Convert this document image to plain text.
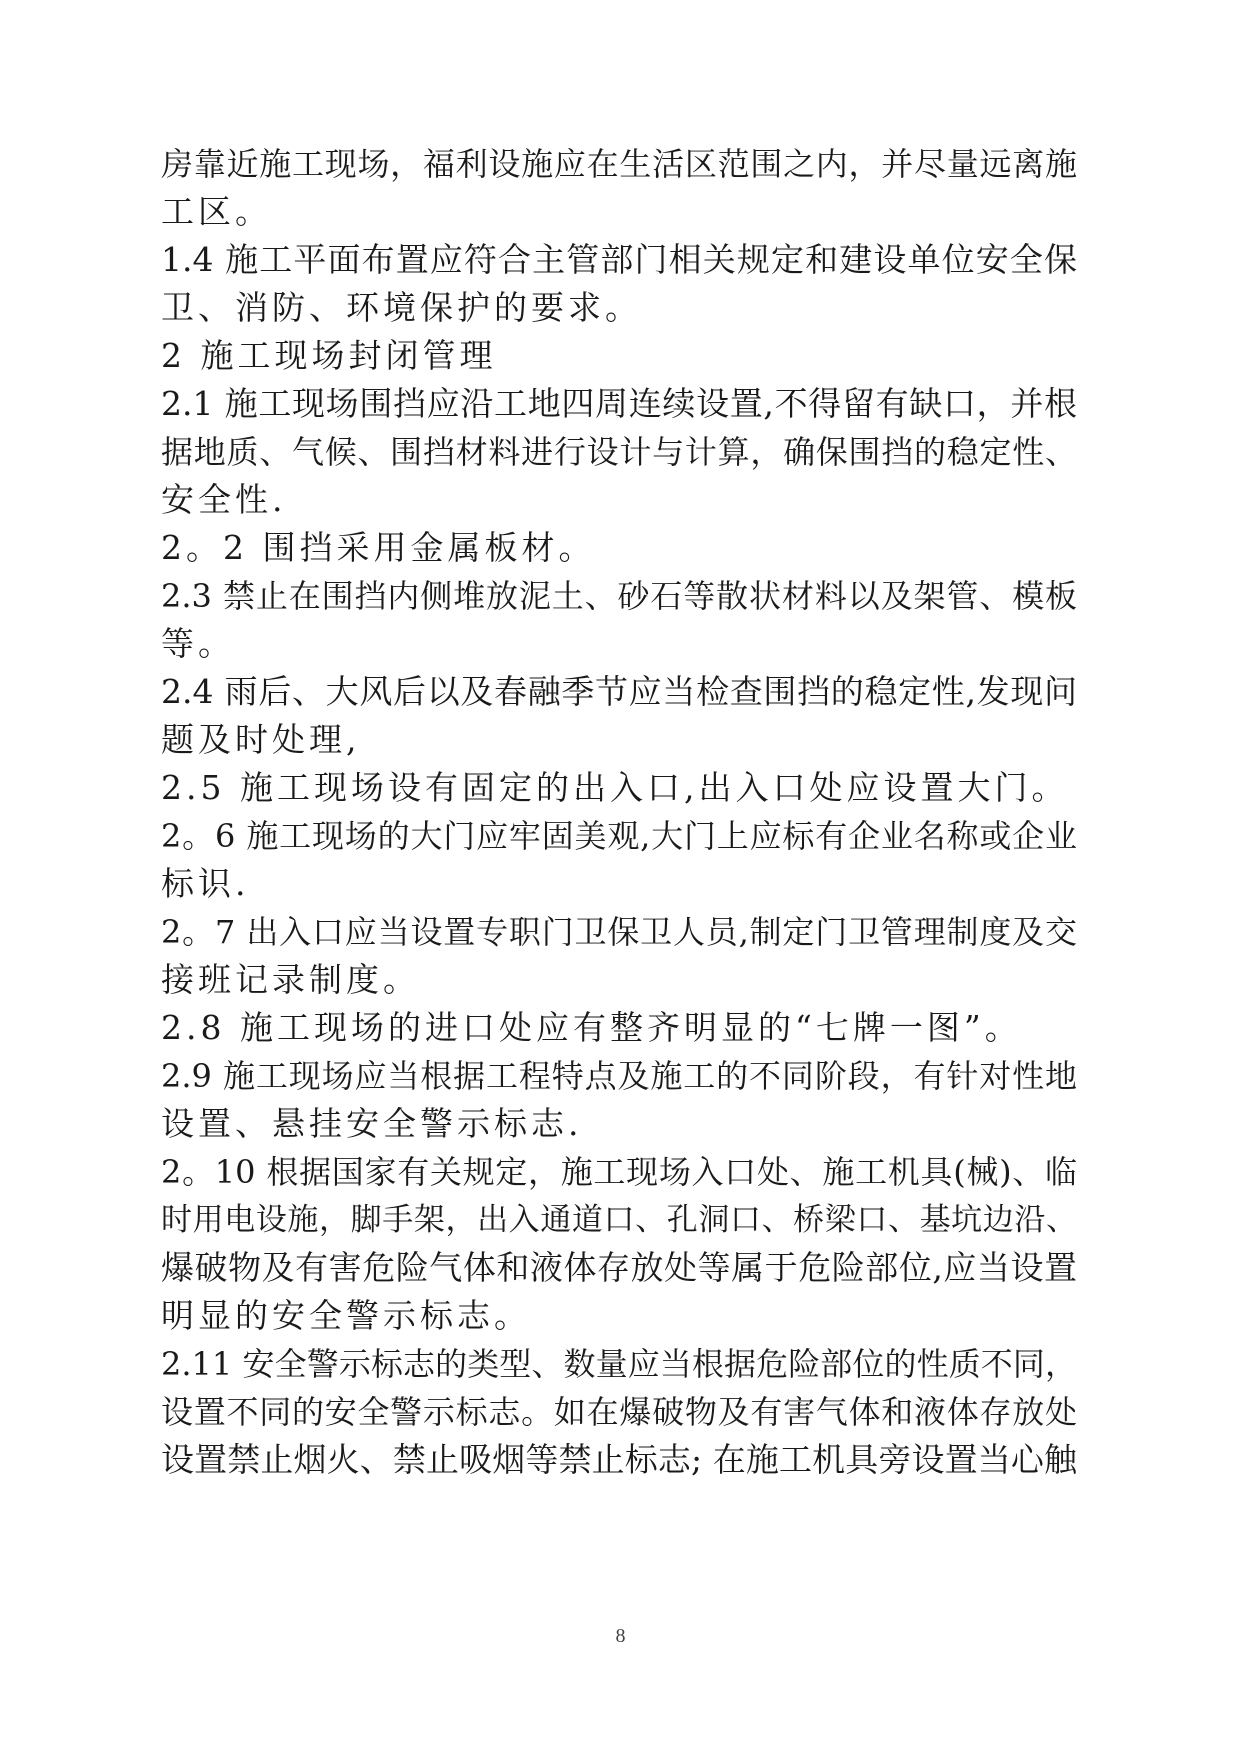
房靠近施工现场，福利设施应在生活区范围之内，并尽量远离施
工区。
1.4 施工平面布置应符合主管部门相关规定和建设单位安全保
卫、消防、环境保护的要求。
2 施工现场封闭管理
2.1 施工现场围挡应沿工地四周连续设置,不得留有缺口，并根
据地质、气候、围挡材料进行设计与计算，确保围挡的稳定性、
安全性.
2。2 围挡采用金属板材。
2.3 禁止在围挡内侧堆放泥土、砂石等散状材料以及架管、模板
等。
2.4 雨后、大风后以及春融季节应当检查围挡的稳定性,发现问
题及时处理,
2.5 施工现场设有固定的出入口,出入口处应设置大门。
2。6 施工现场的大门应牢固美观,大门上应标有企业名称或企业
标识.
2。7 出入口应当设置专职门卫保卫人员,制定门卫管理制度及交
接班记录制度。
2.8 施工现场的进口处应有整齐明显的“七牌一图”。
2.9 施工现场应当根据工程特点及施工的不同阶段，有针对性地
设置、悬挂安全警示标志.
2。10 根据国家有关规定，施工现场入口处、施工机具(械)、临
时用电设施，脚手架，出入通道口、孔洞口、桥梁口、基坑边沿、
爆破物及有害危险气体和液体存放处等属于危险部位,应当设置
明显的安全警示标志。
2.11 安全警示标志的类型、数量应当根据危险部位的性质不同，
设置不同的安全警示标志。如在爆破物及有害气体和液体存放处
设置禁止烟火、禁止吸烟等禁止标志; 在施工机具旁设置当心触
8
